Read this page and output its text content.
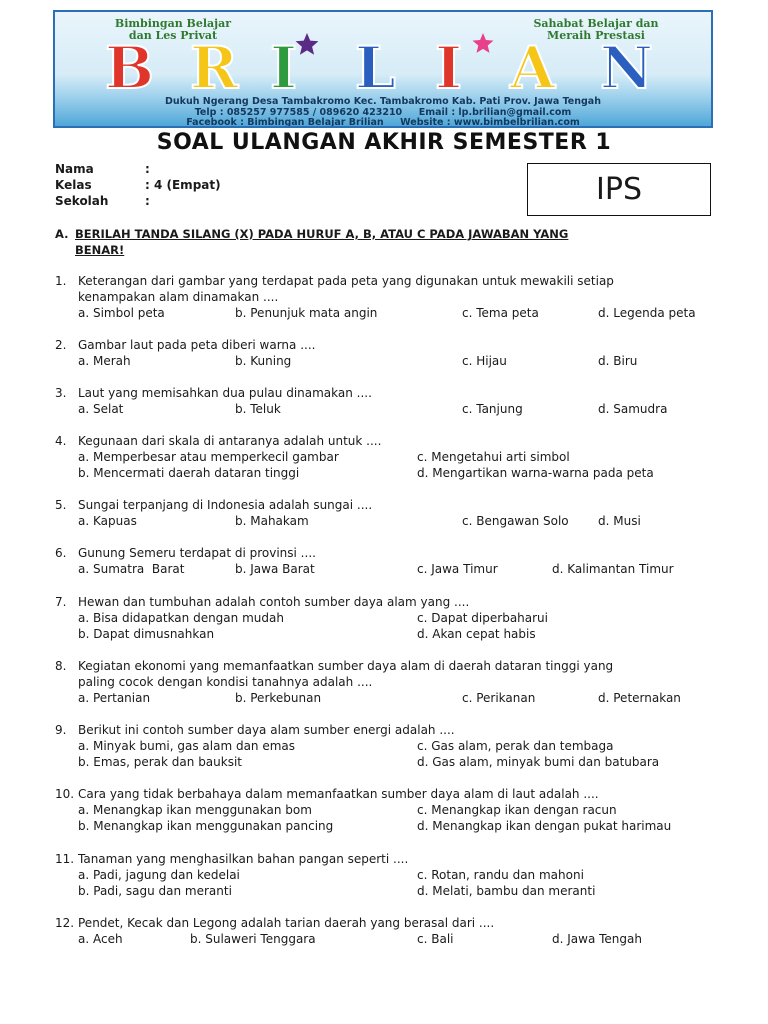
Bimbingan Belajar dan Les Privat
Sahabat Belajar dan Meraih Prestasi
B R I L I A N
Dukuh Ngerang Desa Tambakromo Kec. Tambakromo Kab. Pati Prov. Jawa Tengah
Telp : 085257 977585 / 089620 423210     Email : lp.brilian@gmail.com
Facebook : Bimbingan Belajar Brilian     Website : www.bimbelbrilian.com
SOAL ULANGAN AKHIR SEMESTER 1
Nama	:
Kelas	: 4 (Empat)
Sekolah	:	IPS
A. BERILAH TANDA SILANG (X) PADA HURUF A, B, ATAU C PADA JAWABAN YANG
BENAR!
1. Keterangan dari gambar yang terdapat pada peta yang digunakan untuk mewakili setiap
kenampakan alam dinamakan ....
a. Simbol peta	b. Penunjuk mata angin	c. Tema peta	d. Legenda peta
2. Gambar laut pada peta diberi warna ....
a. Merah	b. Kuning	c. Hijau	d. Biru
3. Laut yang memisahkan dua pulau dinamakan ....
a. Selat	b. Teluk	c. Tanjung	d. Samudra
4. Kegunaan dari skala di antaranya adalah untuk ....
a. Memperbesar atau memperkecil gambar	c. Mengetahui arti simbol
b. Mencermati daerah dataran tinggi	d. Mengartikan warna-warna pada peta
5. Sungai terpanjang di Indonesia adalah sungai ....
a. Kapuas	b. Mahakam	c. Bengawan Solo d. Musi
6. Gunung Semeru terdapat di provinsi ....
a. Sumatra  Barat	b. Jawa Barat	c. Jawa Timur	d. Kalimantan Timur
7. Hewan dan tumbuhan adalah contoh sumber daya alam yang ....
a. Bisa didapatkan dengan mudah	c. Dapat diperbaharui
b. Dapat dimusnahkan	d. Akan cepat habis
8. Kegiatan ekonomi yang memanfaatkan sumber daya alam di daerah dataran tinggi yang
paling cocok dengan kondisi tanahnya adalah ....
a. Pertanian	b. Perkebunan	c. Perikanan	d. Peternakan
9. Berikut ini contoh sumber daya alam sumber energi adalah ....
a. Minyak bumi, gas alam dan emas	c. Gas alam, perak dan tembaga
b. Emas, perak dan bauksit	d. Gas alam, minyak bumi dan batubara
10. Cara yang tidak berbahaya dalam memanfaatkan sumber daya alam di laut adalah ....
a. Menangkap ikan menggunakan bom	c. Menangkap ikan dengan racun
b. Menangkap ikan menggunakan pancing	d. Menangkap ikan dengan pukat harimau
11. Tanaman yang menghasilkan bahan pangan seperti ....
a. Padi, jagung dan kedelai	c. Rotan, randu dan mahoni
b. Padi, sagu dan meranti	d. Melati, bambu dan meranti
12. Pendet, Kecak dan Legong adalah tarian daerah yang berasal dari ....
a. Aceh	b. Sulaweri Tenggara	c. Bali	d. Jawa Tengah
